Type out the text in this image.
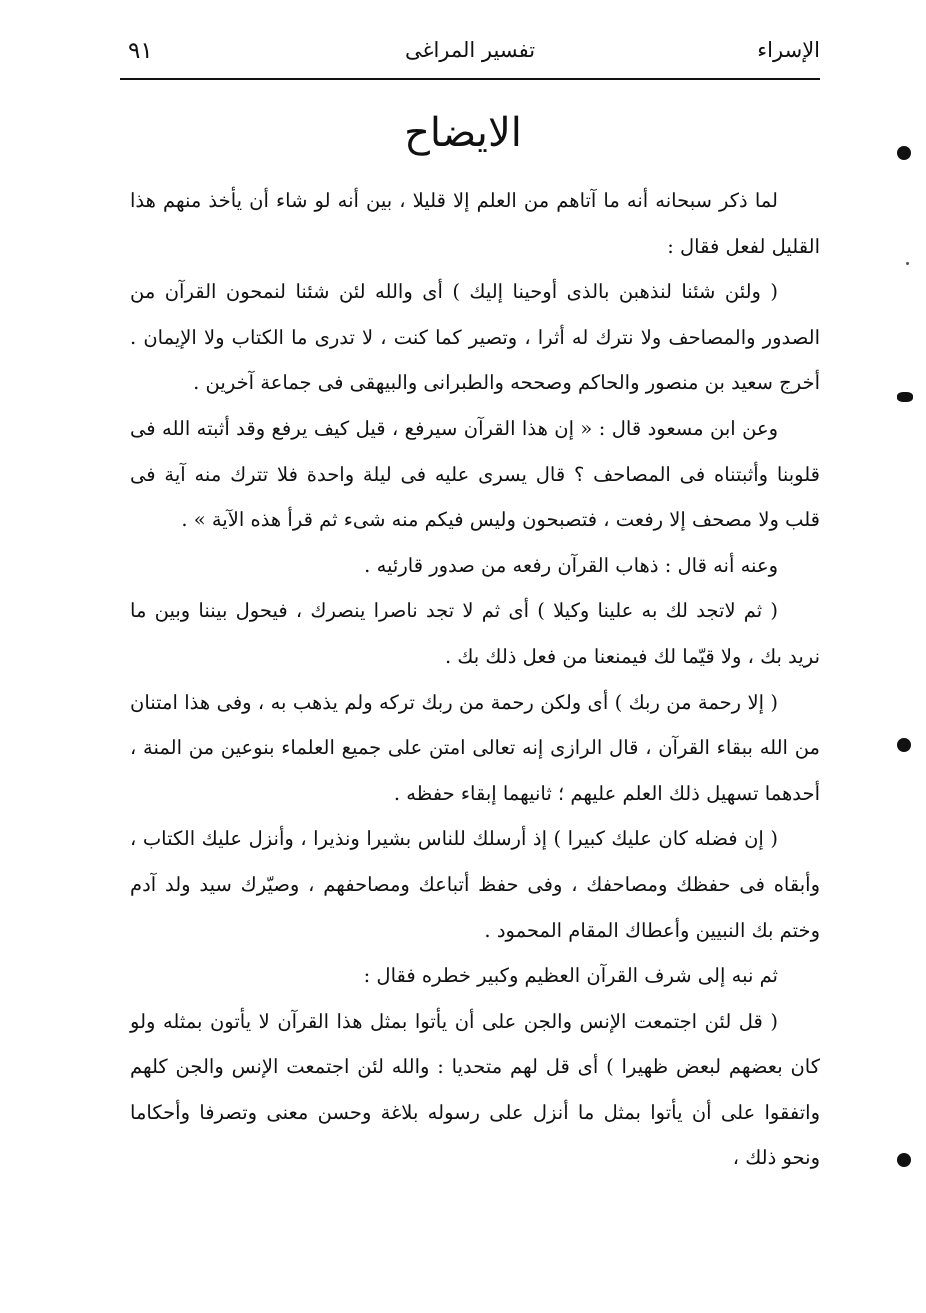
الإسراء
تفسير المراغى
٩١
الايضاح

لما ذكر سبحانه أنه ما آتاهم من العلم إلا قليلا ، بين أنه لو شاء أن يأخذ منهم هذا القليل لفعل فقال :

( ولئن شئنا لنذهبن بالذى أوحينا إليك ) أى والله لئن شئنا لنمحون القرآن من الصدور والمصاحف ولا نترك له أثرا ، وتصير كما كنت ، لا تدرى ما الكتاب ولا الإيمان . أخرج سعيد بن منصور والحاكم وصححه والطبرانى والبيهقى فى جماعة آخرين .

وعن ابن مسعود قال : « إن هذا القرآن سيرفع ، قيل كيف يرفع وقد أثبته الله فى قلوبنا وأثبتناه فى المصاحف ؟ قال يسرى عليه فى ليلة واحدة فلا تترك منه آية فى قلب ولا مصحف إلا رفعت ، فتصبحون وليس فيكم منه شىء ثم قرأ هذه الآية » .

وعنه أنه قال : ذهاب القرآن رفعه من صدور قارئيه .

( ثم لاتجد لك به علينا وكيلا ) أى ثم لا تجد ناصرا ينصرك ، فيحول بيننا وبين ما نريد بك ، ولا قيّما لك فيمنعنا من فعل ذلك بك .

( إلا رحمة من ربك ) أى ولكن رحمة من ربك تركه ولم يذهب به ، وفى هذا امتنان من الله ببقاء القرآن ، قال الرازى إنه تعالى امتن على جميع العلماء بنوعين من المنة ، أحدهما تسهيل ذلك العلم عليهم ؛ ثانيهما إبقاء حفظه .

( إن فضله كان عليك كبيرا ) إذ أرسلك للناس بشيرا ونذيرا ، وأنزل عليك الكتاب ، وأبقاه فى حفظك ومصاحفك ، وفى حفظ أتباعك ومصاحفهم ، وصيّرك سيد ولد آدم وختم بك النبيين وأعطاك المقام المحمود .

ثم نبه إلى شرف القرآن العظيم وكبير خطره فقال :

( قل لئن اجتمعت الإنس والجن على أن يأتوا بمثل هذا القرآن لا يأتون بمثله ولو كان بعضهم لبعض ظهيرا ) أى قل لهم متحديا : والله لئن اجتمعت الإنس والجن كلهم واتفقوا على أن يأتوا بمثل ما أنزل على رسوله بلاغة وحسن معنى وتصرفا وأحكاما ونحو ذلك ،
